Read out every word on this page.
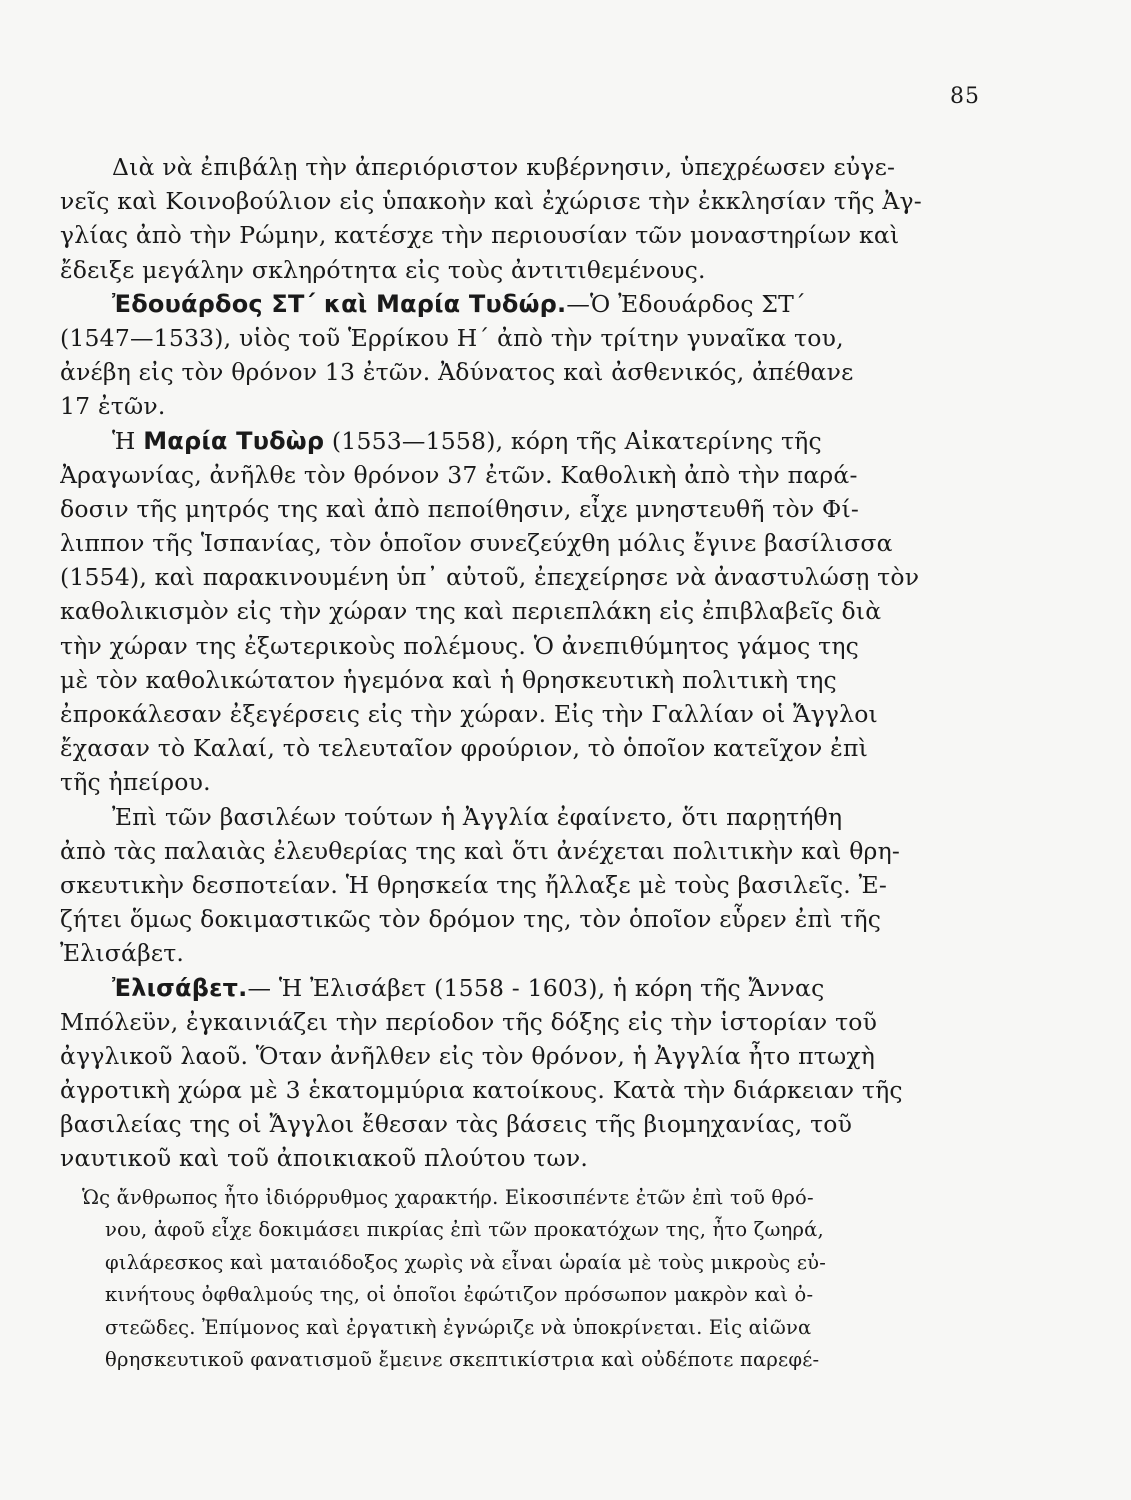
85
Διὰ νὰ ἐπιβάλῃ τὴν ἀπεριόριστον κυβέρνησιν, ὑπεχρέωσεν εὐγε-
νεῖς καὶ Κοινοβούλιον εἰς ὑπακοὴν καὶ ἐχώρισε τὴν ἐκκλησίαν τῆς Ἀγ-
γλίας ἀπὸ τὴν Ρώμην, κατέσχε τὴν περιουσίαν τῶν μοναστηρίων καὶ
ἔδειξε μεγάλην σκληρότητα εἰς τοὺς ἀντιτιθεμένους.
Ἐδουάρδος ΣΤ΄ καὶ Μαρία Τυδώρ.—Ὁ Ἐδουάρδος ΣΤ΄
(1547—1533), υἱὸς τοῦ Ἑρρίκου Η΄ ἀπὸ τὴν τρίτην γυναῖκα του,
ἀνέβη εἰς τὸν θρόνον 13 ἐτῶν. Ἀδύνατος καὶ ἀσθενικός, ἀπέθανε
17 ἐτῶν.
Ἡ Μαρία Τυδὼρ (1553—1558), κόρη τῆς Αἰκατερίνης τῆς
Ἀραγωνίας, ἀνῆλθε τὸν θρόνον 37 ἐτῶν. Καθολικὴ ἀπὸ τὴν παρά-
δοσιν τῆς μητρός της καὶ ἀπὸ πεποίθησιν, εἶχε μνηστευθῆ τὸν Φί-
λιππον τῆς Ἱσπανίας, τὸν ὁποῖον συνεζεύχθη μόλις ἔγινε βασίλισσα
(1554), καὶ παρακινουμένη ὑπ᾽ αὐτοῦ, ἐπεχείρησε νὰ ἀναστυλώσῃ τὸν
καθολικισμὸν εἰς τὴν χώραν της καὶ περιεπλάκη εἰς ἐπιβλαβεῖς διὰ
τὴν χώραν της ἐξωτερικοὺς πολέμους. Ὁ ἀνεπιθύμητος γάμος της
μὲ τὸν καθολικώτατον ἡγεμόνα καὶ ἡ θρησκευτικὴ πολιτικὴ της
ἐπροκάλεσαν ἐξεγέρσεις εἰς τὴν χώραν. Εἰς τὴν Γαλλίαν οἱ Ἄγγλοι
ἔχασαν τὸ Καλαί, τὸ τελευταῖον φρούριον, τὸ ὁποῖον κατεῖχον ἐπὶ
τῆς ἠπείρου.
Ἐπὶ τῶν βασιλέων τούτων ἡ Ἀγγλία ἐφαίνετο, ὅτι παρῃτήθη
ἀπὸ τὰς παλαιὰς ἐλευθερίας της καὶ ὅτι ἀνέχεται πολιτικὴν καὶ θρη-
σκευτικὴν δεσποτείαν. Ἡ θρησκεία της ἤλλαξε μὲ τοὺς βασιλεῖς. Ἐ-
ζήτει ὅμως δοκιμαστικῶς τὸν δρόμον της, τὸν ὁποῖον εὗρεν ἐπὶ τῆς
Ἐλισάβετ.
Ἐλισάβετ.— Ἡ Ἐλισάβετ (1558 - 1603), ἡ κόρη τῆς Ἄννας
Μπόλεϋν, ἐγκαινιάζει τὴν περίοδον τῆς δόξης εἰς τὴν ἱστορίαν τοῦ
ἀγγλικοῦ λαοῦ. Ὅταν ἀνῆλθεν εἰς τὸν θρόνον, ἡ Ἀγγλία ἦτο πτωχὴ
ἀγροτικὴ χώρα μὲ 3 ἑκατομμύρια κατοίκους. Κατὰ τὴν διάρκειαν τῆς
βασιλείας της οἱ Ἄγγλοι ἔθεσαν τὰς βάσεις τῆς βιομηχανίας, τοῦ
ναυτικοῦ καὶ τοῦ ἀποικιακοῦ πλούτου των.
Ὡς ἄνθρωπος ἦτο ἰδιόρρυθμος χαρακτήρ. Εἰκοσιπέντε ἐτῶν ἐπὶ τοῦ θρό-
νου, ἀφοῦ εἶχε δοκιμάσει πικρίας ἐπὶ τῶν προκατόχων της, ἦτο ζωηρά,
φιλάρεσκος καὶ ματαιόδοξος χωρὶς νὰ εἶναι ὡραία μὲ τοὺς μικροὺς εὐ-
κινήτους ὀφθαλμούς της, οἱ ὁποῖοι ἐφώτιζον πρόσωπον μακρὸν καὶ ὀ-
στεῶδες. Ἐπίμονος καὶ ἐργατικὴ ἐγνώριζε νὰ ὑποκρίνεται. Εἰς αἰῶνα
θρησκευτικοῦ φανατισμοῦ ἔμεινε σκεπτικίστρια καὶ οὐδέποτε παρεφέ-
